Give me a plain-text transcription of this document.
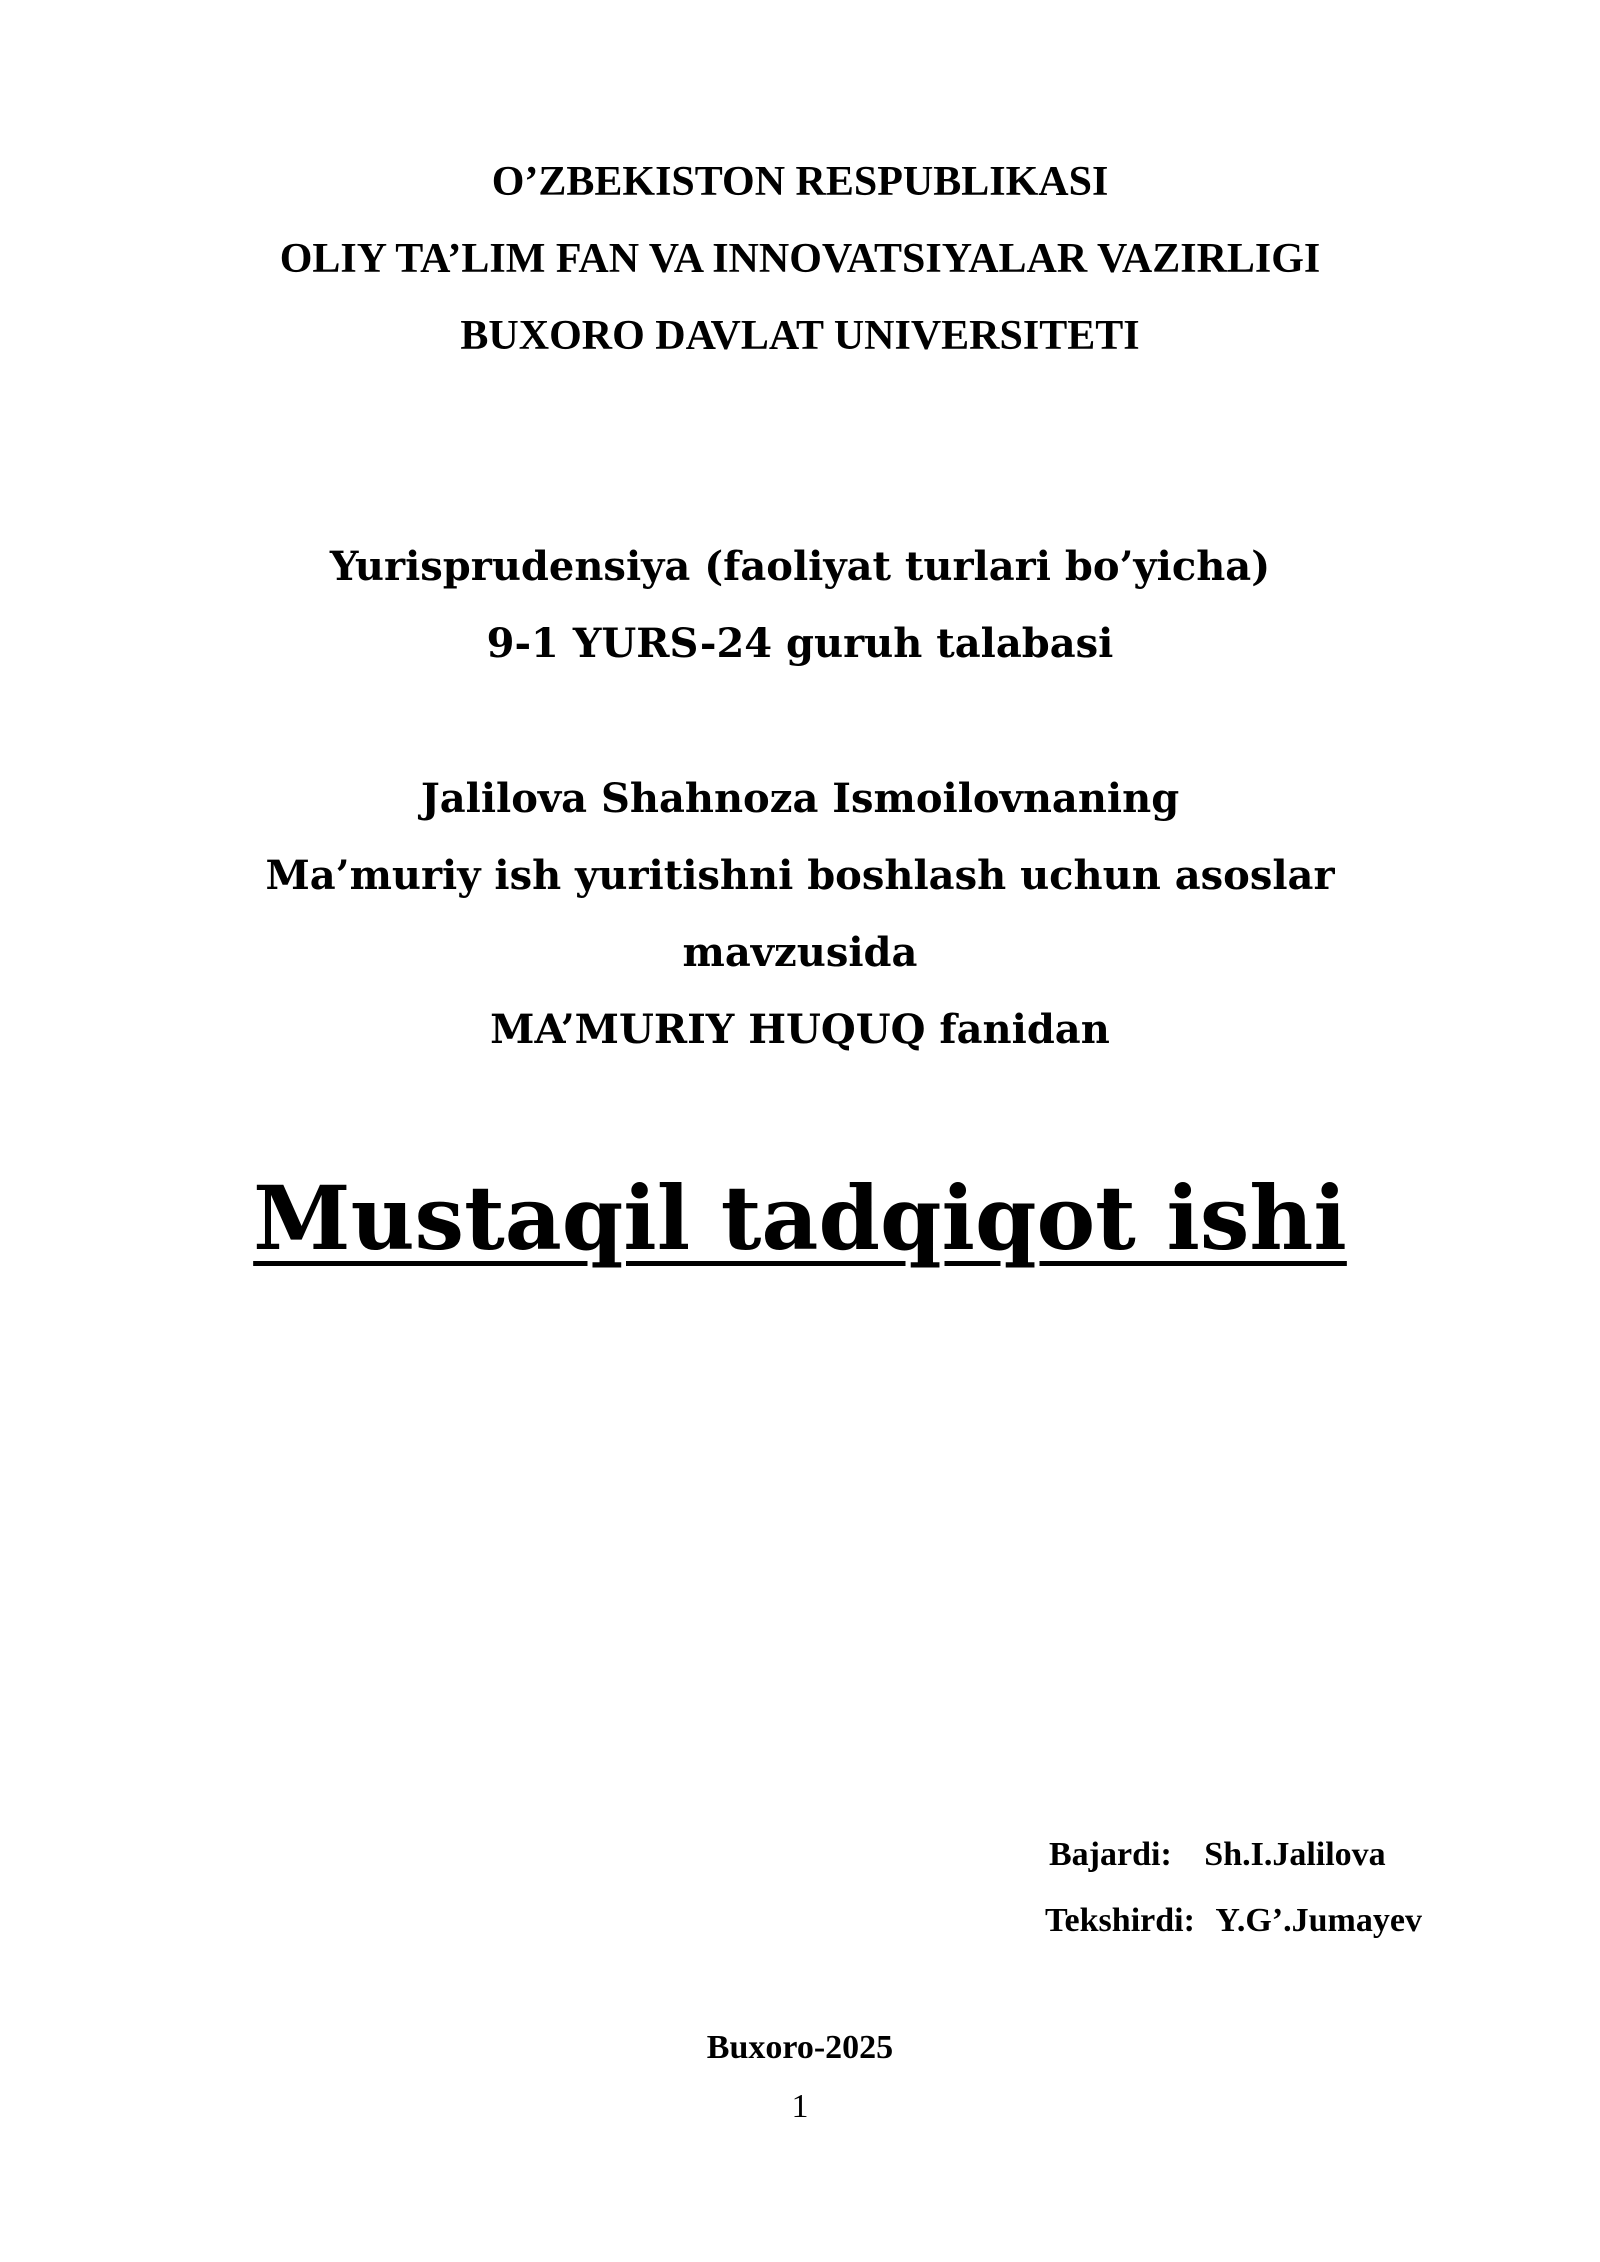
O’ZBEKISTON RESPUBLIKASI
OLIY TA’LIM FAN VA INNOVATSIYALAR VAZIRLIGI
BUXORO DAVLAT UNIVERSITETI
Yurisprudensiya (faoliyat turlari bo’yicha)
9-1 YURS-24 guruh talabasi
Jalilova Shahnoza Ismoilovnaning
Ma’muriy ish yuritishni boshlash uchun asoslar
mavzusida
MA’MURIY HUQUQ fanidan
Mustaqil tadqiqot ishi
Bajardi: Sh.I.Jalilova
Tekshirdi: Y.G’.Jumayev
Buxoro-2025
1
